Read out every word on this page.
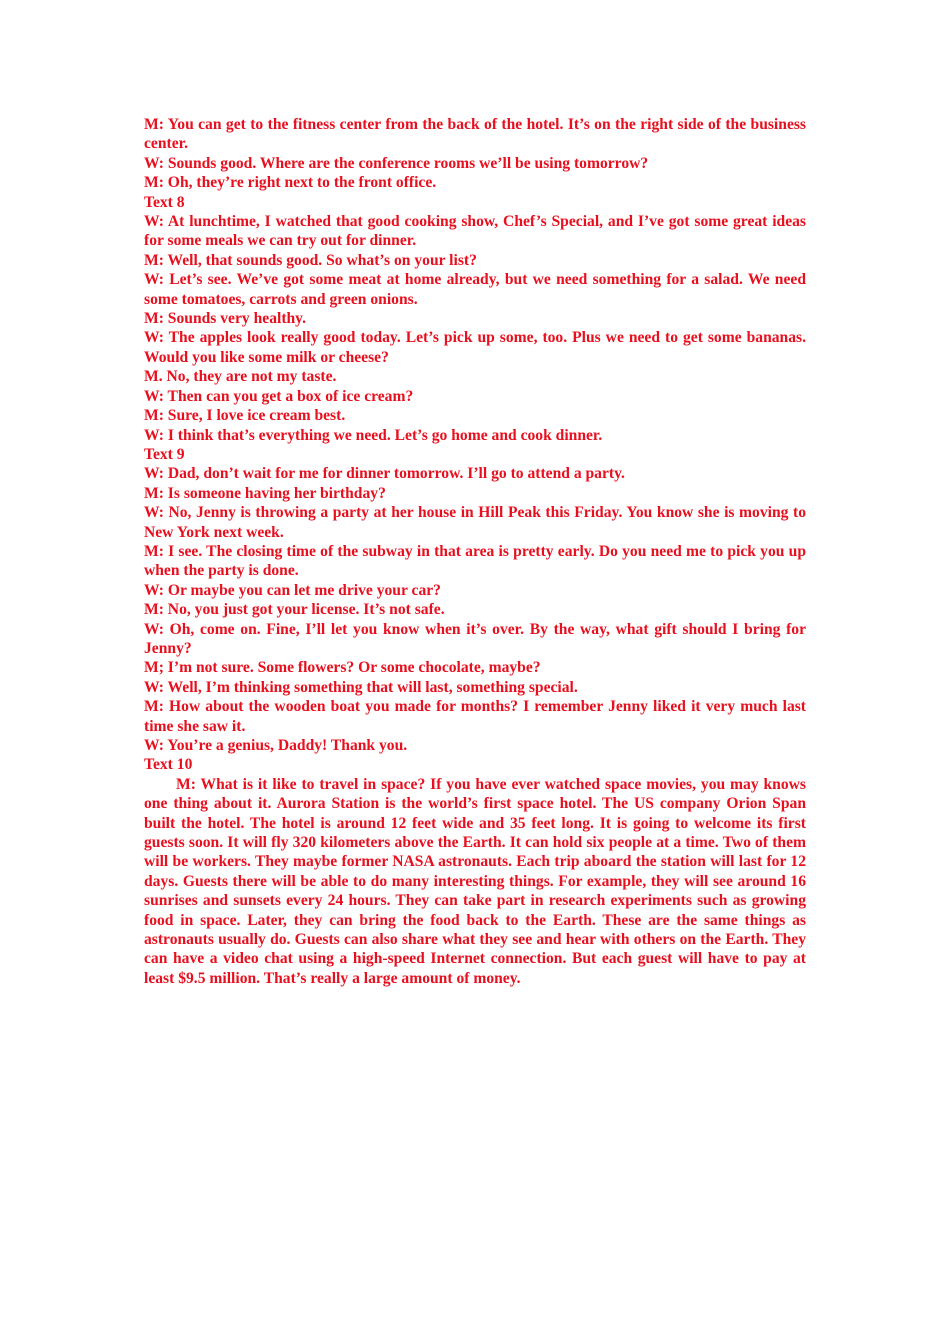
M: You can get to the fitness center from the back of the hotel. It’s on the right side of the business center.

W: Sounds good. Where are the conference rooms we’ll be using tomorrow?

M: Oh, they’re right next to the front office.

Text 8

W: At lunchtime, I watched that good cooking show, Chef’s Special, and I’ve got some great ideas for some meals we can try out for dinner.

M: Well, that sounds good. So what’s on your list?

W: Let’s see. We’ve got some meat at home already, but we need something for a salad. We need some tomatoes, carrots and green onions.

M: Sounds very healthy.

W: The apples look really good today. Let’s pick up some, too. Plus we need to get some bananas. Would you like some milk or cheese?

M. No, they are not my taste.

W: Then can you get a box of ice cream?

M: Sure, I love ice cream best.

W: I think that’s everything we need. Let’s go home and cook dinner.

Text 9

W: Dad, don’t wait for me for dinner tomorrow. I’ll go to attend a party.

M: Is someone having her birthday?

W: No, Jenny is throwing a party at her house in Hill Peak this Friday. You know she is moving to New York next week.

M: I see. The closing time of the subway in that area is pretty early. Do you need me to pick you up when the party is done.

W: Or maybe you can let me drive your car?

M: No, you just got your license. It’s not safe.

W: Oh, come on. Fine, I’ll let you know when it’s over. By the way, what gift should I bring for Jenny?

M; I’m not sure. Some flowers? Or some chocolate, maybe?

W: Well, I’m thinking something that will last, something special.

M: How about the wooden boat you made for months? I remember Jenny liked it very much last time she saw it.

W: You’re a genius, Daddy! Thank you.

Text 10

M: What is it like to travel in space? If you have ever watched space movies, you may knows one thing about it. Aurora Station is the world’s first space hotel. The US company Orion Span built the hotel. The hotel is around 12 feet wide and 35 feet long. It is going to welcome its first guests soon. It will fly 320 kilometers above the Earth. It can hold six people at a time. Two of them will be workers. They maybe former NASA astronauts. Each trip aboard the station will last for 12 days. Guests there will be able to do many interesting things. For example, they will see around 16 sunrises and sunsets every 24 hours. They can take part in research experiments such as growing food in space. Later, they can bring the food back to the Earth. These are the same things as astronauts usually do. Guests can also share what they see and hear with others on the Earth. They can have a video chat using a high-speed Internet connection. But each guest will have to pay at least $9.5 million. That’s really a large amount of money.
